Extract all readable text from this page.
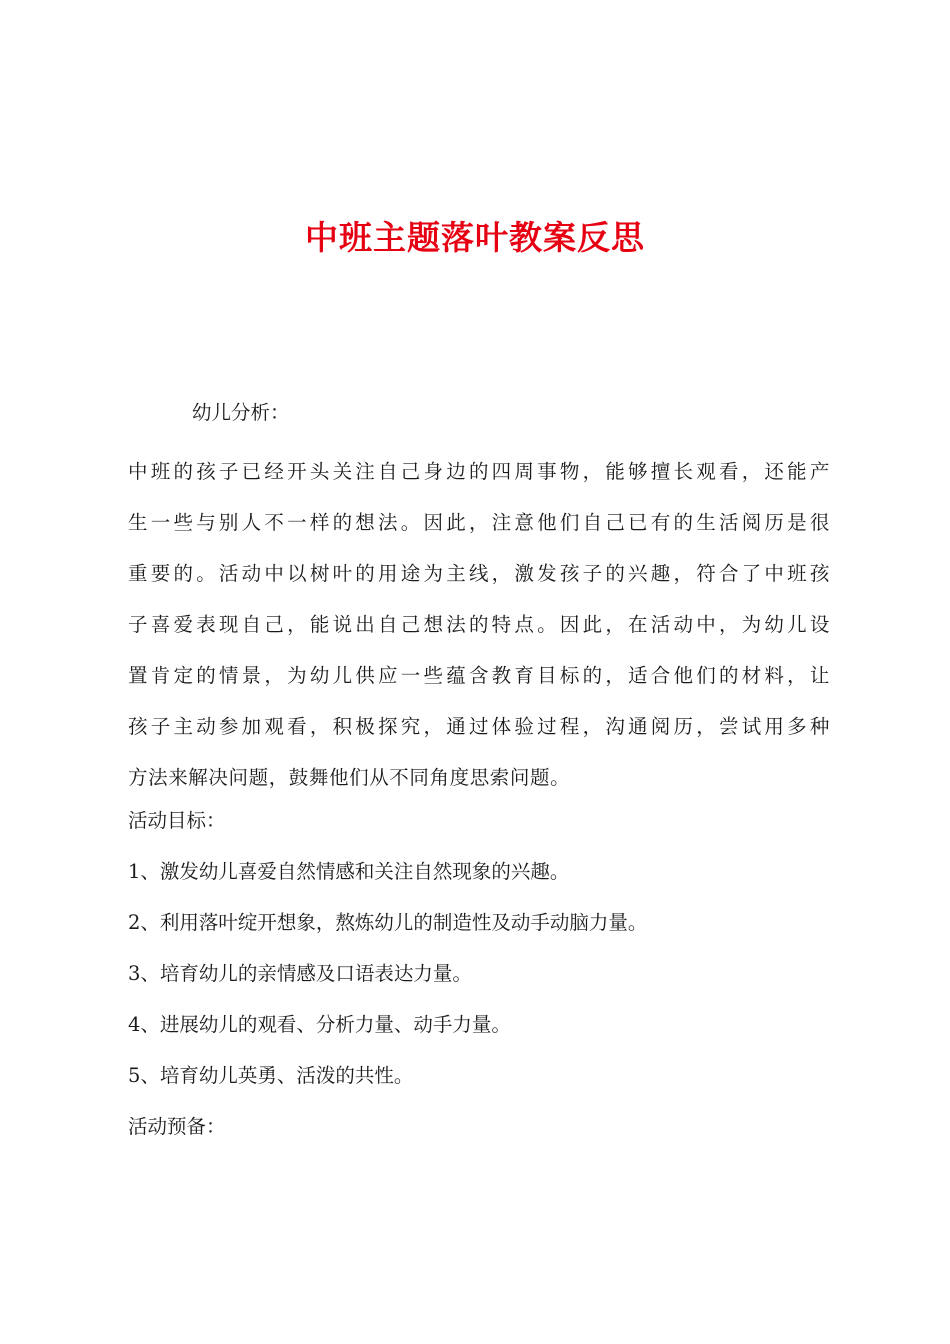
中班主题落叶教案反思
幼儿分析：
中班的孩子已经开头关注自己身边的四周事物，能够擅长观看，还能产
生一些与别人不一样的想法。因此，注意他们自己已有的生活阅历是很
重要的。活动中以树叶的用途为主线，激发孩子的兴趣，符合了中班孩
子喜爱表现自己，能说出自己想法的特点。因此，在活动中，为幼儿设
置肯定的情景，为幼儿供应一些蕴含教育目标的，适合他们的材料，让
孩子主动参加观看，积极探究，通过体验过程，沟通阅历，尝试用多种
方法来解决问题，鼓舞他们从不同角度思索问题。
活动目标：
1、激发幼儿喜爱自然情感和关注自然现象的兴趣。
2、利用落叶绽开想象，熬炼幼儿的制造性及动手动脑力量。
3、培育幼儿的亲情感及口语表达力量。
4、进展幼儿的观看、分析力量、动手力量。
5、培育幼儿英勇、活泼的共性。
活动预备：
